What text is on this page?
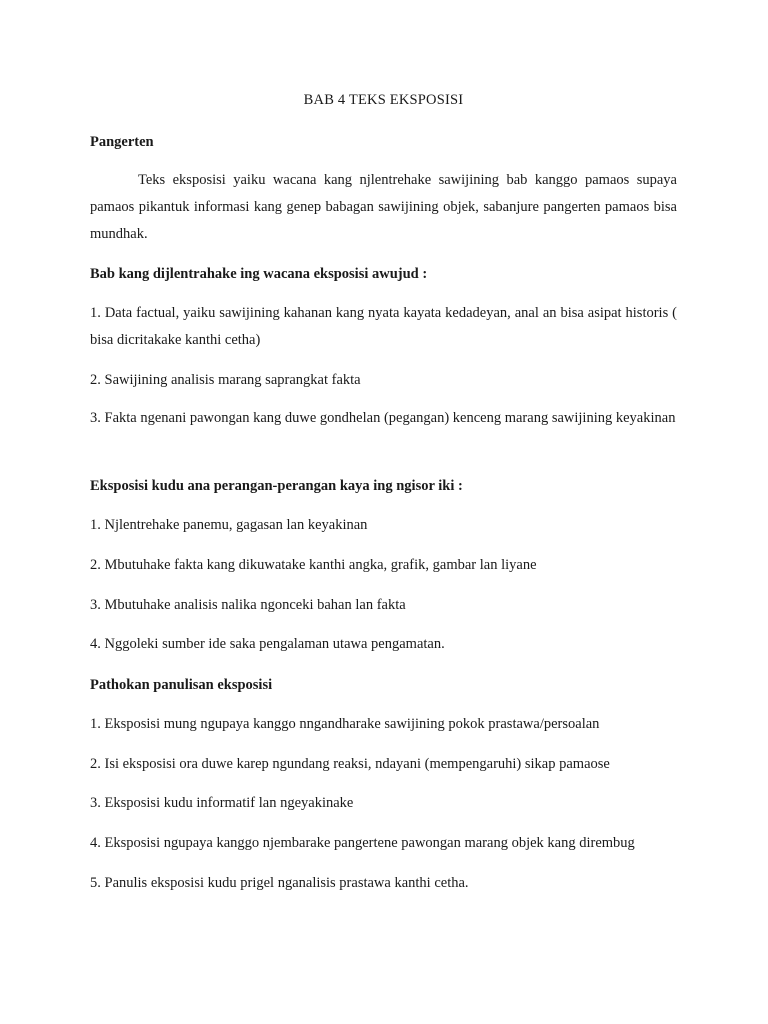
BAB 4 TEKS EKSPOSISI
Pangerten
Teks eksposisi yaiku wacana kang njlentrehake sawijining bab kanggo pamaos supaya pamaos pikantuk informasi kang genep babagan sawijining objek, sabanjure pangerten pamaos bisa mundhak.
Bab kang dijlentrahake ing wacana eksposisi awujud :
1. Data factual, yaiku sawijining kahanan kang nyata kayata kedadeyan, anal an bisa asipat historis ( bisa dicritakake kanthi cetha)
2. Sawijining analisis marang saprangkat fakta
3. Fakta ngenani pawongan kang duwe gondhelan (pegangan) kenceng marang sawijining keyakinan
Eksposisi kudu ana perangan-perangan kaya ing ngisor iki :
1. Njlentrehake panemu, gagasan lan keyakinan
2. Mbutuhake fakta kang dikuwatake kanthi angka, grafik, gambar lan liyane
3. Mbutuhake analisis nalika ngonceki bahan lan fakta
4. Nggoleki sumber ide saka pengalaman utawa pengamatan.
Pathokan panulisan eksposisi
1. Eksposisi mung ngupaya kanggo nngandharake sawijining pokok prastawa/persoalan
2. Isi eksposisi ora duwe karep ngundang reaksi, ndayani (mempengaruhi) sikap pamaose
3. Eksposisi kudu informatif lan ngeyakinake
4. Eksposisi ngupaya kanggo njembarake pangertene pawongan marang objek kang dirembug
5. Panulis eksposisi kudu prigel nganalisis prastawa kanthi cetha.
